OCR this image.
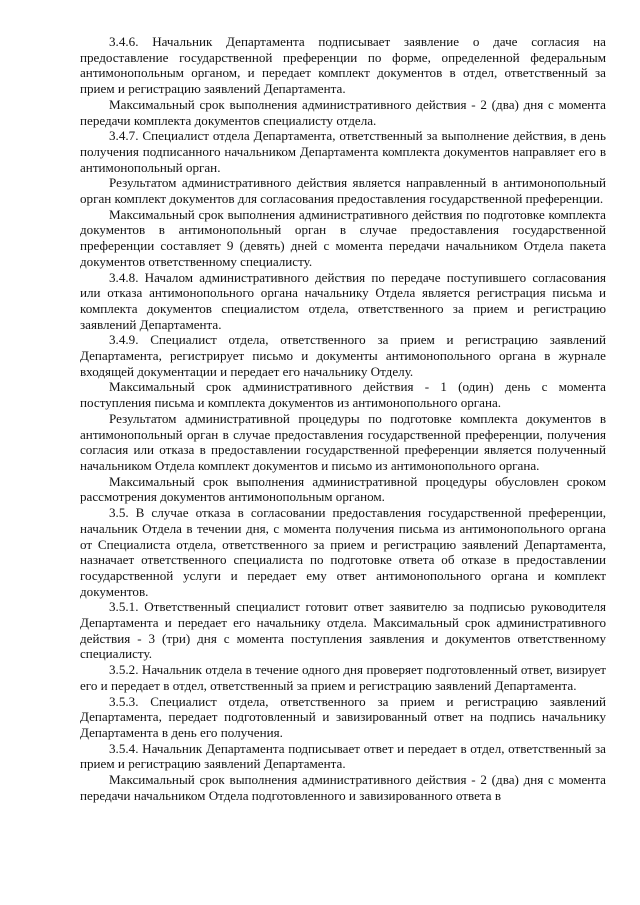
3.4.6. Начальник Департамента подписывает заявление о даче согласия на предоставление государственной преференции по форме, определенной федеральным антимонопольным органом, и передает комплект документов в отдел, ответственный за прием и регистрацию заявлений Департамента.

Максимальный срок выполнения административного действия - 2 (два) дня с момента передачи комплекта документов специалисту отдела.

3.4.7. Специалист отдела Департамента, ответственный за выполнение действия, в день получения подписанного начальником Департамента комплекта документов направляет его в антимонопольный орган.

Результатом административного действия является направленный в антимонопольный орган комплект документов для согласования предоставления государственной преференции.

Максимальный срок выполнения административного действия по подготовке комплекта документов в антимонопольный орган в случае предоставления государственной преференции составляет 9 (девять) дней с момента передачи начальником Отдела пакета документов ответственному специалисту.

3.4.8. Началом административного действия по передаче поступившего согласования или отказа антимонопольного органа начальнику Отдела является регистрация письма и комплекта документов специалистом отдела, ответственного за прием и регистрацию заявлений Департамента.

3.4.9. Специалист отдела, ответственного за прием и регистрацию заявлений Департамента, регистрирует письмо и документы антимонопольного органа в журнале входящей документации и передает его начальнику Отделу.

Максимальный срок административного действия - 1 (один) день с момента поступления письма и комплекта документов из антимонопольного органа.

Результатом административной процедуры по подготовке комплекта документов в антимонопольный орган в случае предоставления государственной преференции, получения согласия или отказа в предоставлении государственной преференции является полученный начальником Отдела комплект документов и письмо из антимонопольного органа.

Максимальный срок выполнения административной процедуры обусловлен сроком рассмотрения документов антимонопольным органом.

3.5. В случае отказа в согласовании предоставления государственной преференции, начальник Отдела в течении дня, с момента получения письма из антимонопольного органа от Специалиста отдела, ответственного за прием и регистрацию заявлений Департамента, назначает ответственного специалиста по подготовке ответа об отказе в предоставлении государственной услуги и передает ему ответ антимонопольного органа и комплект документов.

3.5.1. Ответственный специалист готовит ответ заявителю за подписью руководителя Департамента и передает его начальнику отдела. Максимальный срок административного действия - 3 (три) дня с момента поступления заявления и документов ответственному специалисту.

3.5.2. Начальник отдела в течение одного дня проверяет подготовленный ответ, визирует его и передает в отдел, ответственный за прием и регистрацию заявлений Департамента.

3.5.3. Специалист отдела, ответственного за прием и регистрацию заявлений Департамента, передает подготовленный и завизированный ответ на подпись начальнику Департамента в день его получения.

3.5.4. Начальник Департамента подписывает ответ и передает в отдел, ответственный за прием и регистрацию заявлений Департамента.

Максимальный срок выполнения административного действия - 2 (два) дня с момента передачи начальником Отдела подготовленного и завизированного ответа в
